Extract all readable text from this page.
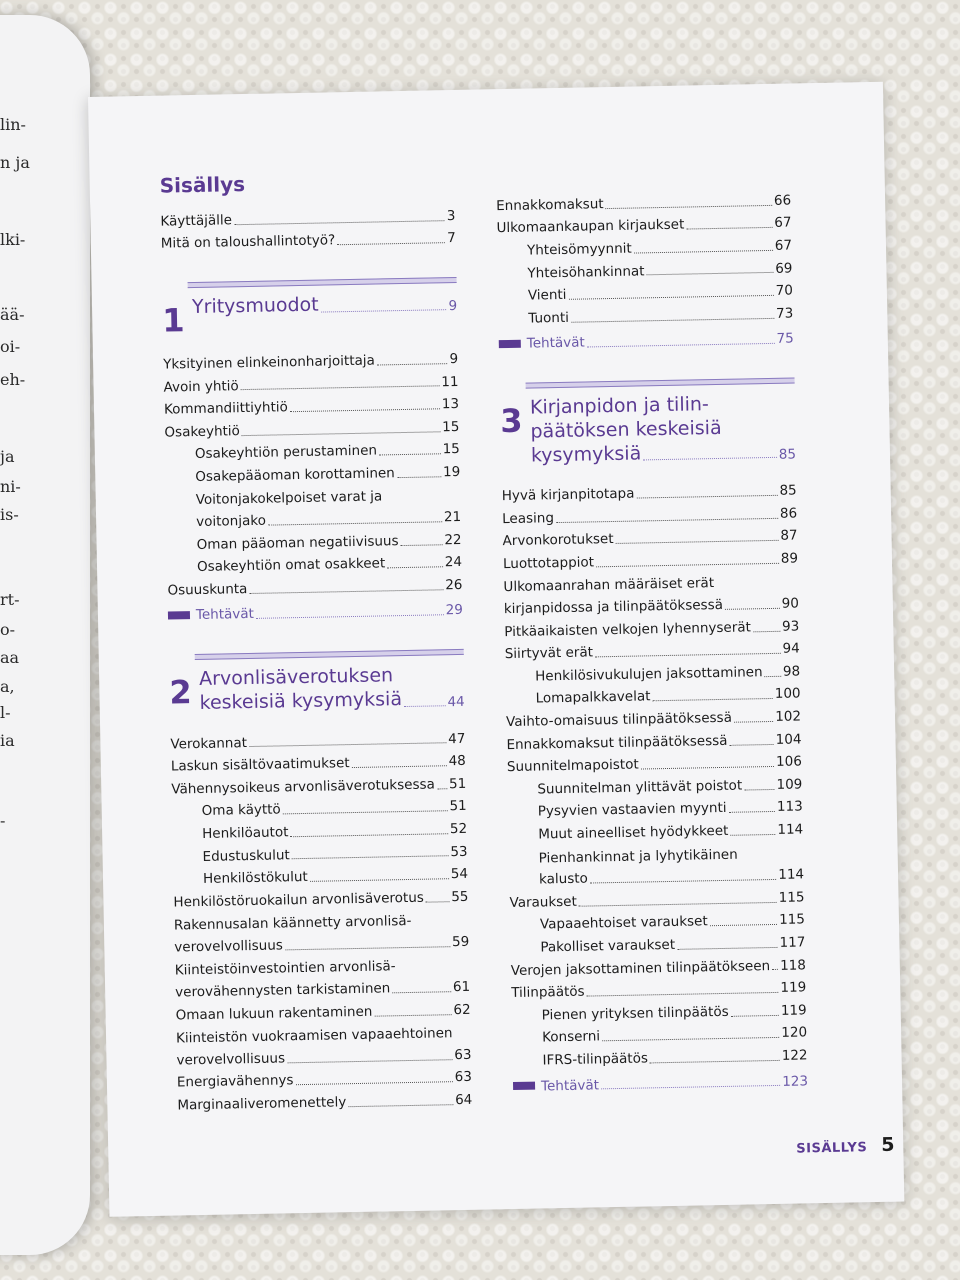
lin-
n ja
lki-
ää-
oi-
eh-
ja
ni-
is-
rt-
o-
aa
a,
l-
ia
-
Sisällys
Käyttäjälle	3
Mitä on taloushallintotyö?	7
1 Yritysmuodot	9
Yksityinen elinkeinonharjoittaja	9
Avoin yhtiö	11
Kommandiittiyhtiö	13
Osakeyhtiö	15
Osakeyhtiön perustaminen	15
Osakepääoman korottaminen	19
Voitonjakokelpoiset varat ja
voitonjako	21
Oman pääoman negatiivisuus	22
Osakeyhtiön omat osakkeet	24
Osuuskunta	26
Tehtävät	29
2 Arvonlisäverotuksen
keskeisiä kysymyksiä	44
Verokannat	47
Laskun sisältövaatimukset	48
Vähennysoikeus arvonlisäverotuksessa 51
Oma käyttö	51
Henkilöautot	52
Edustuskulut	53
Henkilöstökulut	54
Henkilöstöruokailun arvonlisäverotus 55
Rakennusalan käännetty arvonlisä-
verovelvollisuus	59
Kiinteistöinvestointien arvonlisä-
verovähennysten tarkistaminen	61
Omaan lukuun rakentaminen	62
Kiinteistön vuokraamisen vapaaehtoinen
verovelvollisuus	63
Energiavähennys	63
Marginaaliveromenettely	64
Ennakkomaksut	66
Ulkomaankaupan kirjaukset	67
Yhteisömyynnit	67
Yhteisöhankinnat	69
Vienti	70
Tuonti	73
Tehtävät	75
3 Kirjanpidon ja tilin-
päätöksen keskeisiä
kysymyksiä	85
Hyvä kirjanpitotapa	85
Leasing	86
Arvonkorotukset	87
Luottotappiot	89
Ulkomaanrahan määräiset erät
kirjanpidossa ja tilinpäätöksessä	90
Pitkäaikaisten velkojen lyhennyserät 93
Siirtyvät erät	94
Henkilösivukulujen jaksottaminen 98
Lomapalkkavelat	100
Vaihto-omaisuus tilinpäätöksessä	102
Ennakkomaksut tilinpäätöksessä	104
Suunnitelmapoistot	106
Suunnitelman ylittävät poistot	109
Pysyvien vastaavien myynti	113
Muut aineelliset hyödykkeet	114
Pienhankinnat ja lyhytikäinen
kalusto	114
Varaukset	115
Vapaaehtoiset varaukset	115
Pakolliset varaukset	117
Verojen jaksottaminen tilinpäätökseen 118
Tilinpäätös	119
Pienen yrityksen tilinpäätös	119
Konserni	120
IFRS-tilinpäätös	122
Tehtävät	123
SISÄLLYS 5
